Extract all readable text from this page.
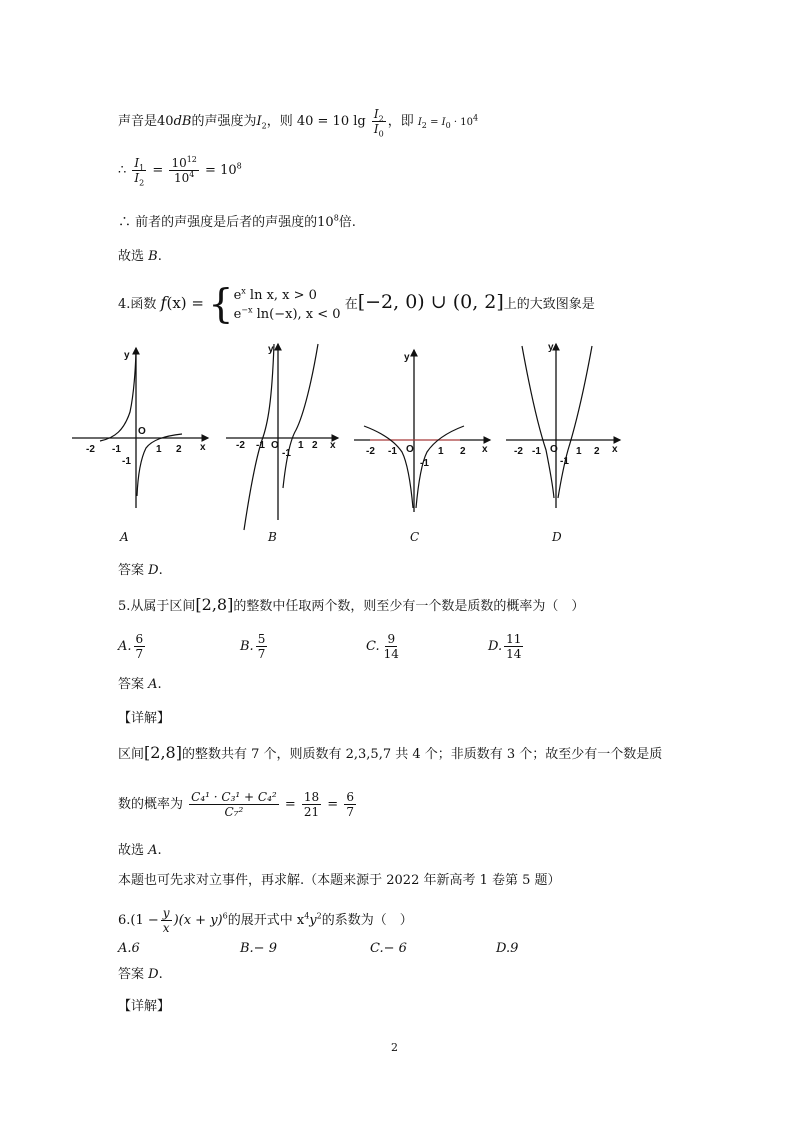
声音是40dB的声强度为$I_2$，则 40 = 10 $\lg \frac{I_2}{I_0}$ ，即 $I_2 = I_0 \cdot 10^4$
∴ $\frac{I_1}{I_2} = \frac{10^{12}}{10^4} = 10^8$
∴ 前者的声强度是后者的声强度的$10^8$倍.
故选 B.
4.函数 $f(x) = \{e^x$ ln x, x > 0
$e^{-x}$ ln(−x), x < 0 在[−2, 0) ∪ (0, 2]上的大致图象是
y
x
O
-2 -1	1 2
-1
y
x
O
-2 -1	1 2
-1
y
x
O
-2 -1	1 2
-1
y
x
O
-2 -1	1 2
-1
A	B	C	D
答案 D.
5.从属于区间[2,8]的整数中任取两个数，则至少有一个数是质数的概率为（　）
A. $\frac{6}{7}$	B. $\frac{5}{7}$	C. $\frac{9}{14}$	D. $\frac{11}{14}$
答案 A.
【详解】
区间[2,8]的整数共有 7 个，则质数有 2,3,5,7 共 4 个；非质数有 3 个；故至少有一个数是质
数的概率为 $\frac{\text{C₄¹ · C₃¹ + C₄²}}{\text{C₇²}} = \frac{18}{21} = \frac{6}{7}$
故选 A.
本题也可先求对立事件，再求解.（本题来源于 2022 年新高考 1 卷第 5 题）
$6.(1 - \frac{y}{x} )(x + y)^6$的展开式中 $x^4y^2$的系数为（　）
A.6	B.− 9	C.− 6	D.9
答案 D.
【详解】
2
